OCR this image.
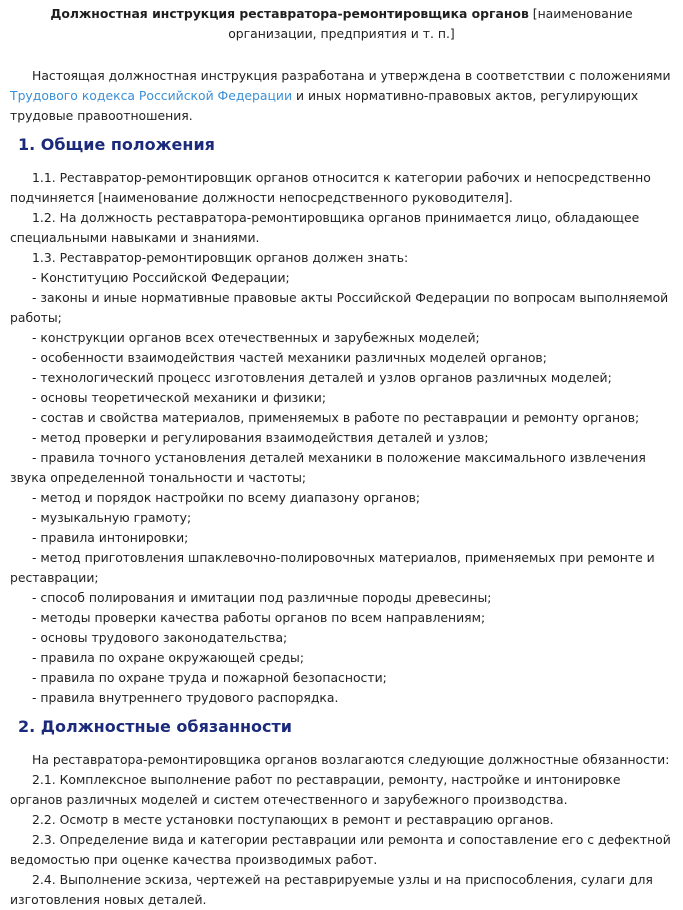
Должностная инструкция реставратора-ремонтировщика органов [наименование организации, предприятия и т. п.]

Настоящая должностная инструкция разработана и утверждена в соответствии с положениями Трудового кодекса Российской Федерации и иных нормативно-правовых актов, регулирующих трудовые правоотношения.

1. Общие положения

1.1. Реставратор-ремонтировщик органов относится к категории рабочих и непосредственно подчиняется [наименование должности непосредственного руководителя].

1.2. На должность реставратора-ремонтировщика органов принимается лицо, обладающее специальными навыками и знаниями.

1.3. Реставратор-ремонтировщик органов должен знать:

- Конституцию Российской Федерации;

- законы и иные нормативные правовые акты Российской Федерации по вопросам выполняемой работы;

- конструкции органов всех отечественных и зарубежных моделей;

- особенности взаимодействия частей механики различных моделей органов;

- технологический процесс изготовления деталей и узлов органов различных моделей;

- основы теоретической механики и физики;

- состав и свойства материалов, применяемых в работе по реставрации и ремонту органов;

- метод проверки и регулирования взаимодействия деталей и узлов;

- правила точного установления деталей механики в положение максимального извлечения звука определенной тональности и частоты;

- метод и порядок настройки по всему диапазону органов;

- музыкальную грамоту;

- правила интонировки;

- метод приготовления шпаклевочно-полировочных материалов, применяемых при ремонте и реставрации;

- способ полирования и имитации под различные породы древесины;

- методы проверки качества работы органов по всем направлениям;

- основы трудового законодательства;

- правила по охране окружающей среды;

- правила по охране труда и пожарной безопасности;

- правила внутреннего трудового распорядка.

2. Должностные обязанности

На реставратора-ремонтировщика органов возлагаются следующие должностные обязанности:

2.1. Комплексное выполнение работ по реставрации, ремонту, настройке и интонировке органов различных моделей и систем отечественного и зарубежного производства.

2.2. Осмотр в месте установки поступающих в ремонт и реставрацию органов.

2.3. Определение вида и категории реставрации или ремонта и сопоставление его с дефектной ведомостью при оценке качества производимых работ.

2.4. Выполнение эскиза, чертежей на реставрируемые узлы и на приспособления, сулаги для изготовления новых деталей.
